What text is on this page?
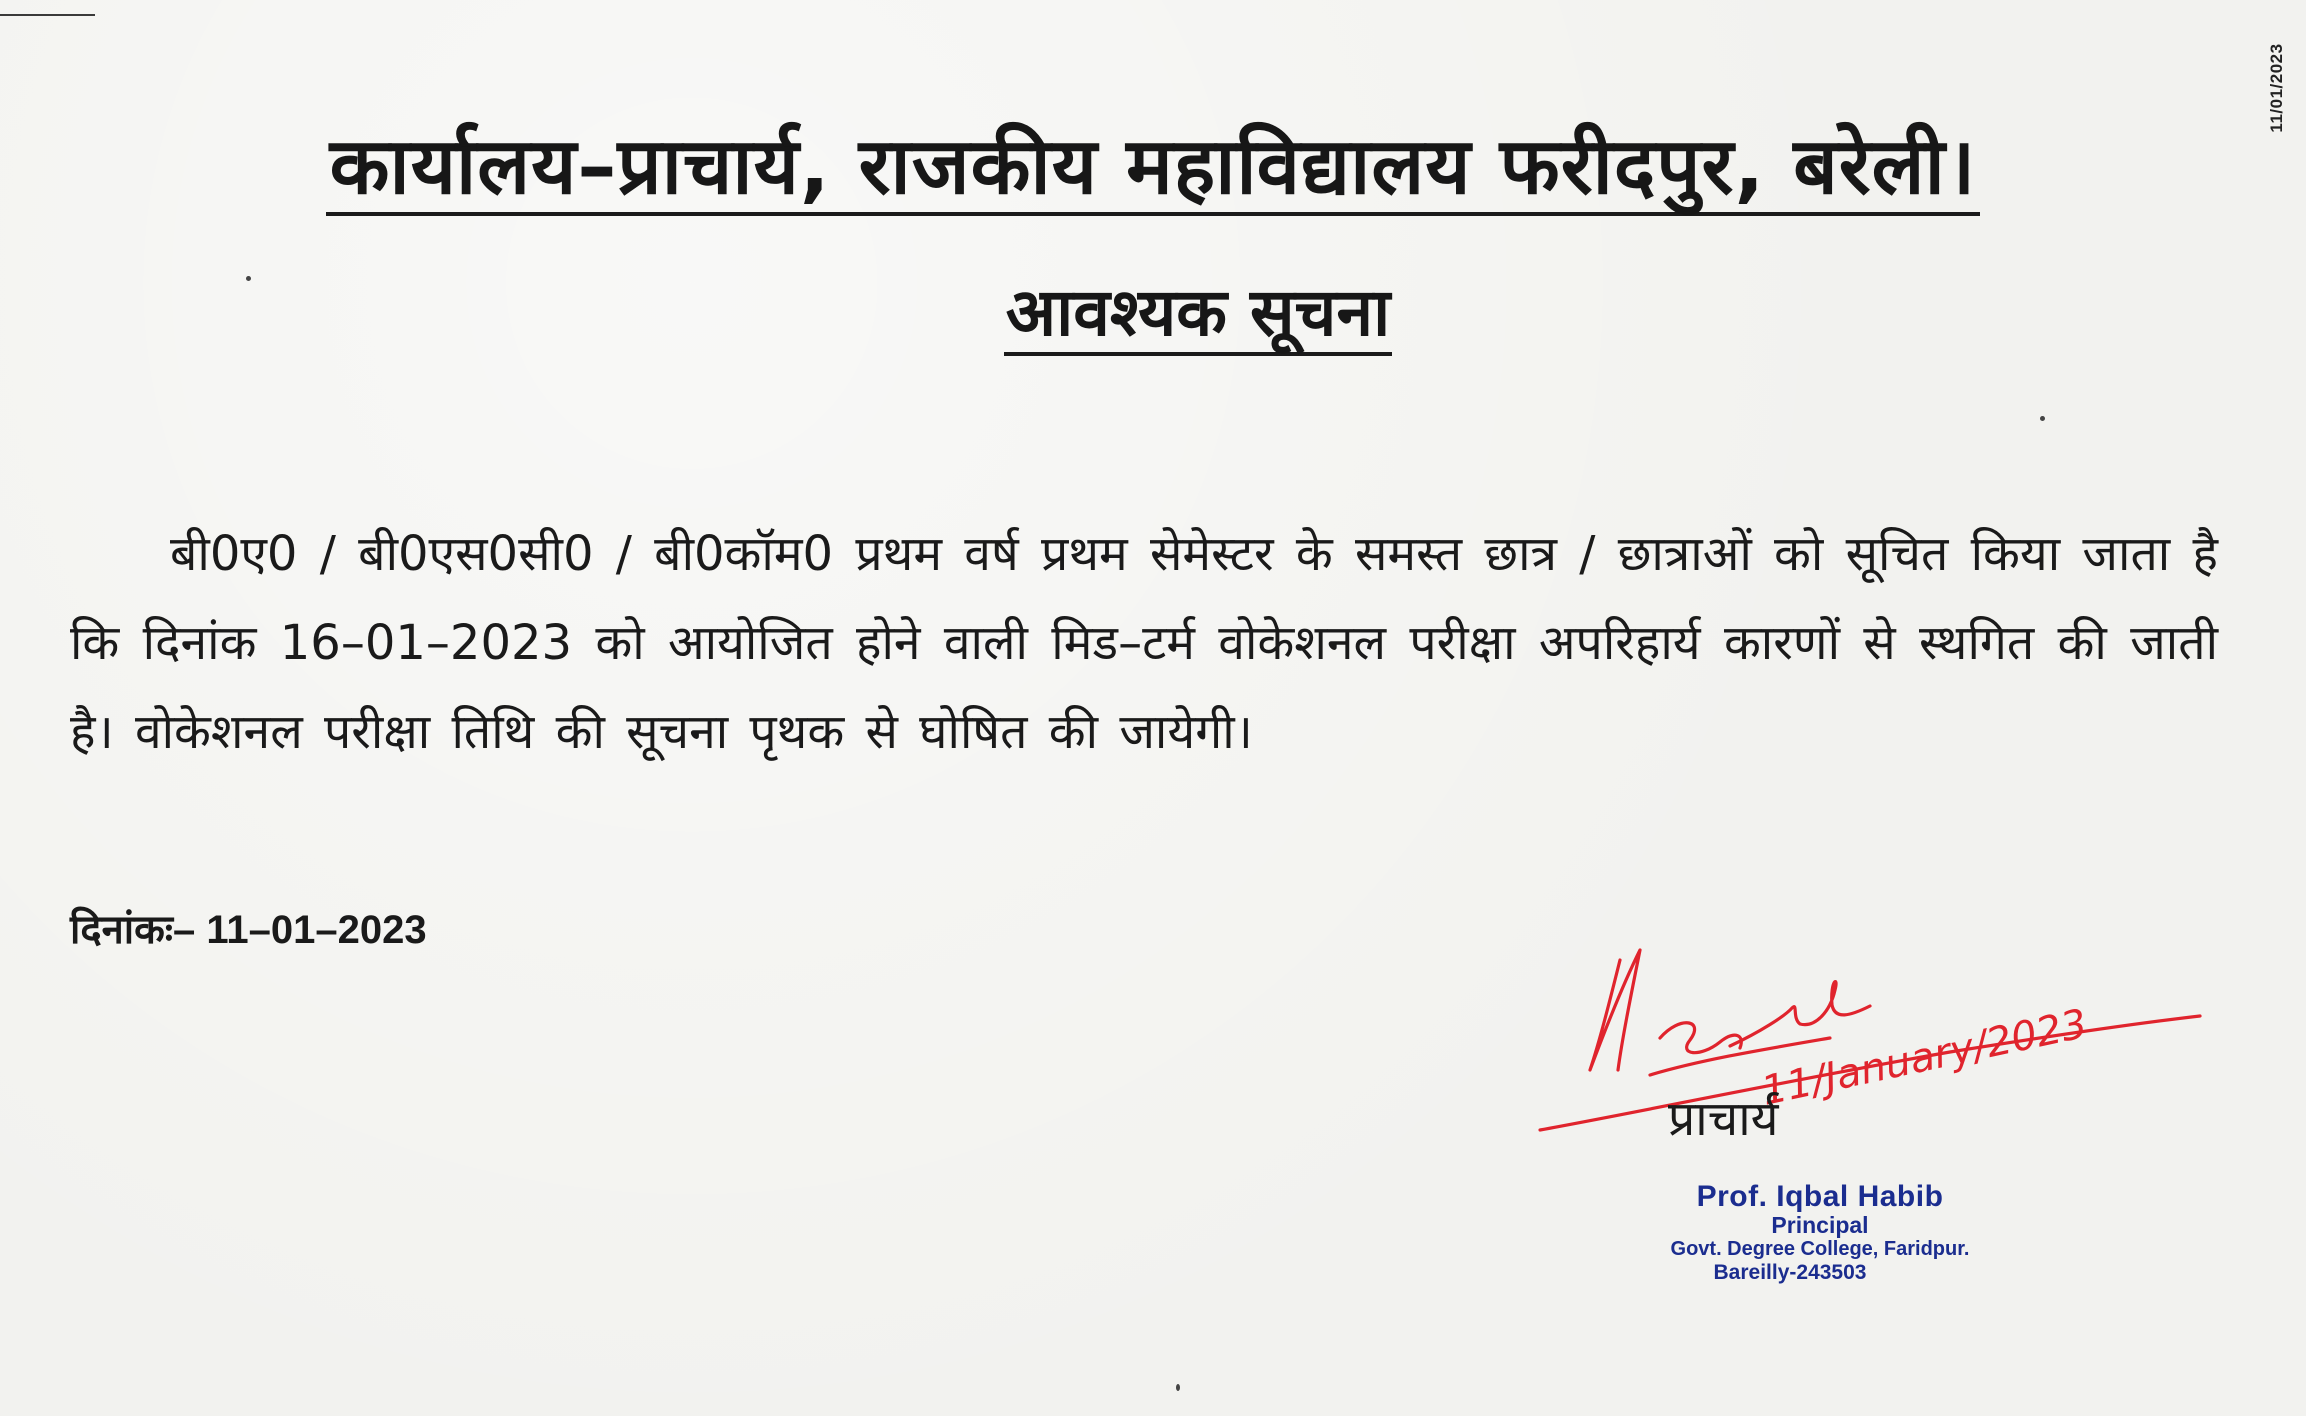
11/01/2023
कार्यालय–प्राचार्य, राजकीय महाविद्यालय फरीदपुर, बरेली।
आवश्यक सूचना
बी0ए0 / बी0एस0सी0 / बी0कॉम0 प्रथम वर्ष प्रथम सेमेस्टर के समस्त छात्र / छात्राओं को सूचित किया जाता है कि दिनांक 16–01–2023 को आयोजित होने वाली मिड–टर्म वोकेशनल परीक्षा अपरिहार्य कारणों से स्थगित की जाती है। वोकेशनल परीक्षा तिथि की सूचना पृथक से घोषित की जायेगी।
दिनांकः– 11–01–2023
11/January/2023
प्राचार्य
Prof. Iqbal Habib
Principal
Govt. Degree College, Faridpur.
Bareilly-243503
